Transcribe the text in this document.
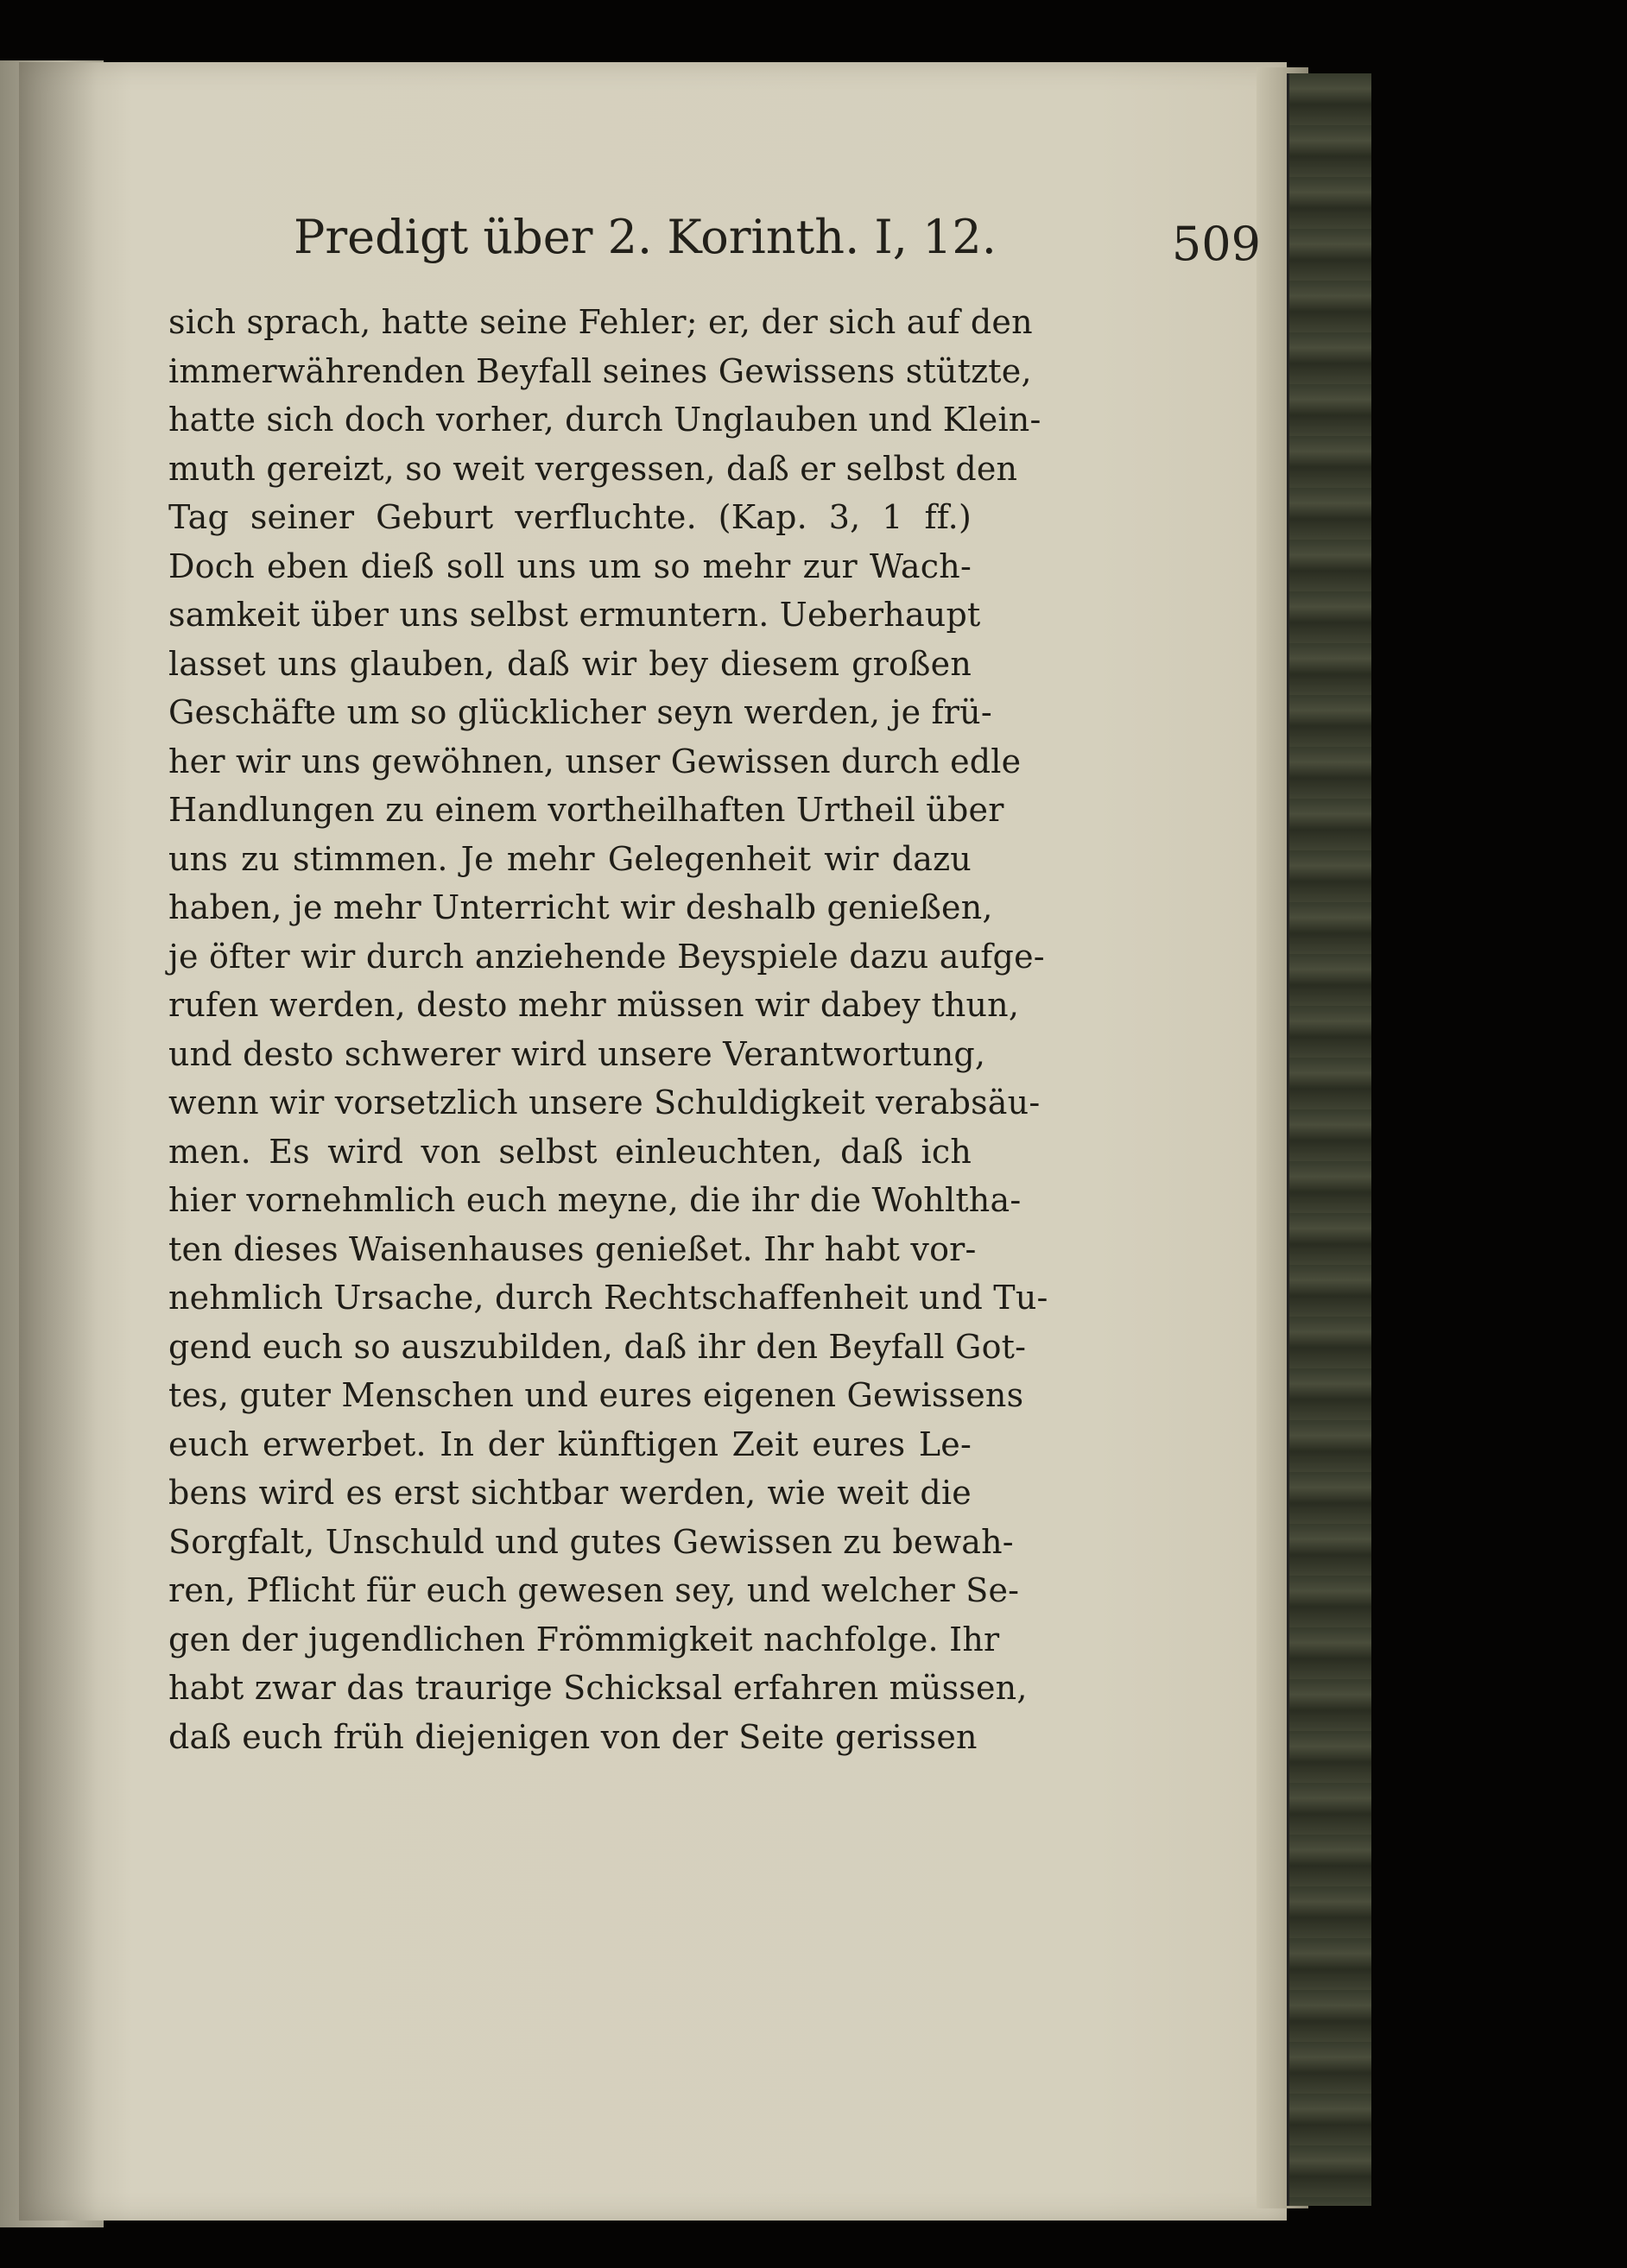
Predigt über 2. Korinth. I, 12.	509
sich sprach, hatte seine Fehler; er, der sich auf den
immerwährenden Beyfall seines Gewissens stützte,
hatte sich doch vorher, durch Unglauben und Klein-
muth gereizt, so weit vergessen, daß er selbst den
Tag seiner Geburt verfluchte. (Kap. 3, 1 ff.)
Doch eben dieß soll uns um so mehr zur Wach-
samkeit über uns selbst ermuntern. Ueberhaupt
lasset uns glauben, daß wir bey diesem großen
Geschäfte um so glücklicher seyn werden, je frü-
her wir uns gewöhnen, unser Gewissen durch edle
Handlungen zu einem vortheilhaften Urtheil über
uns zu stimmen. Je mehr Gelegenheit wir dazu
haben, je mehr Unterricht wir deshalb genießen,
je öfter wir durch anziehende Beyspiele dazu aufge-
rufen werden, desto mehr müssen wir dabey thun,
und desto schwerer wird unsere Verantwortung,
wenn wir vorsetzlich unsere Schuldigkeit verabsäu-
men. Es wird von selbst einleuchten, daß ich
hier vornehmlich euch meyne, die ihr die Wohltha-
ten dieses Waisenhauses genießet. Ihr habt vor-
nehmlich Ursache, durch Rechtschaffenheit und Tu-
gend euch so auszubilden, daß ihr den Beyfall Got-
tes, guter Menschen und eures eigenen Gewissens
euch erwerbet. In der künftigen Zeit eures Le-
bens wird es erst sichtbar werden, wie weit die
Sorgfalt, Unschuld und gutes Gewissen zu bewah-
ren, Pflicht für euch gewesen sey, und welcher Se-
gen der jugendlichen Frömmigkeit nachfolge. Ihr
habt zwar das traurige Schicksal erfahren müssen,
daß euch früh diejenigen von der Seite gerissen
